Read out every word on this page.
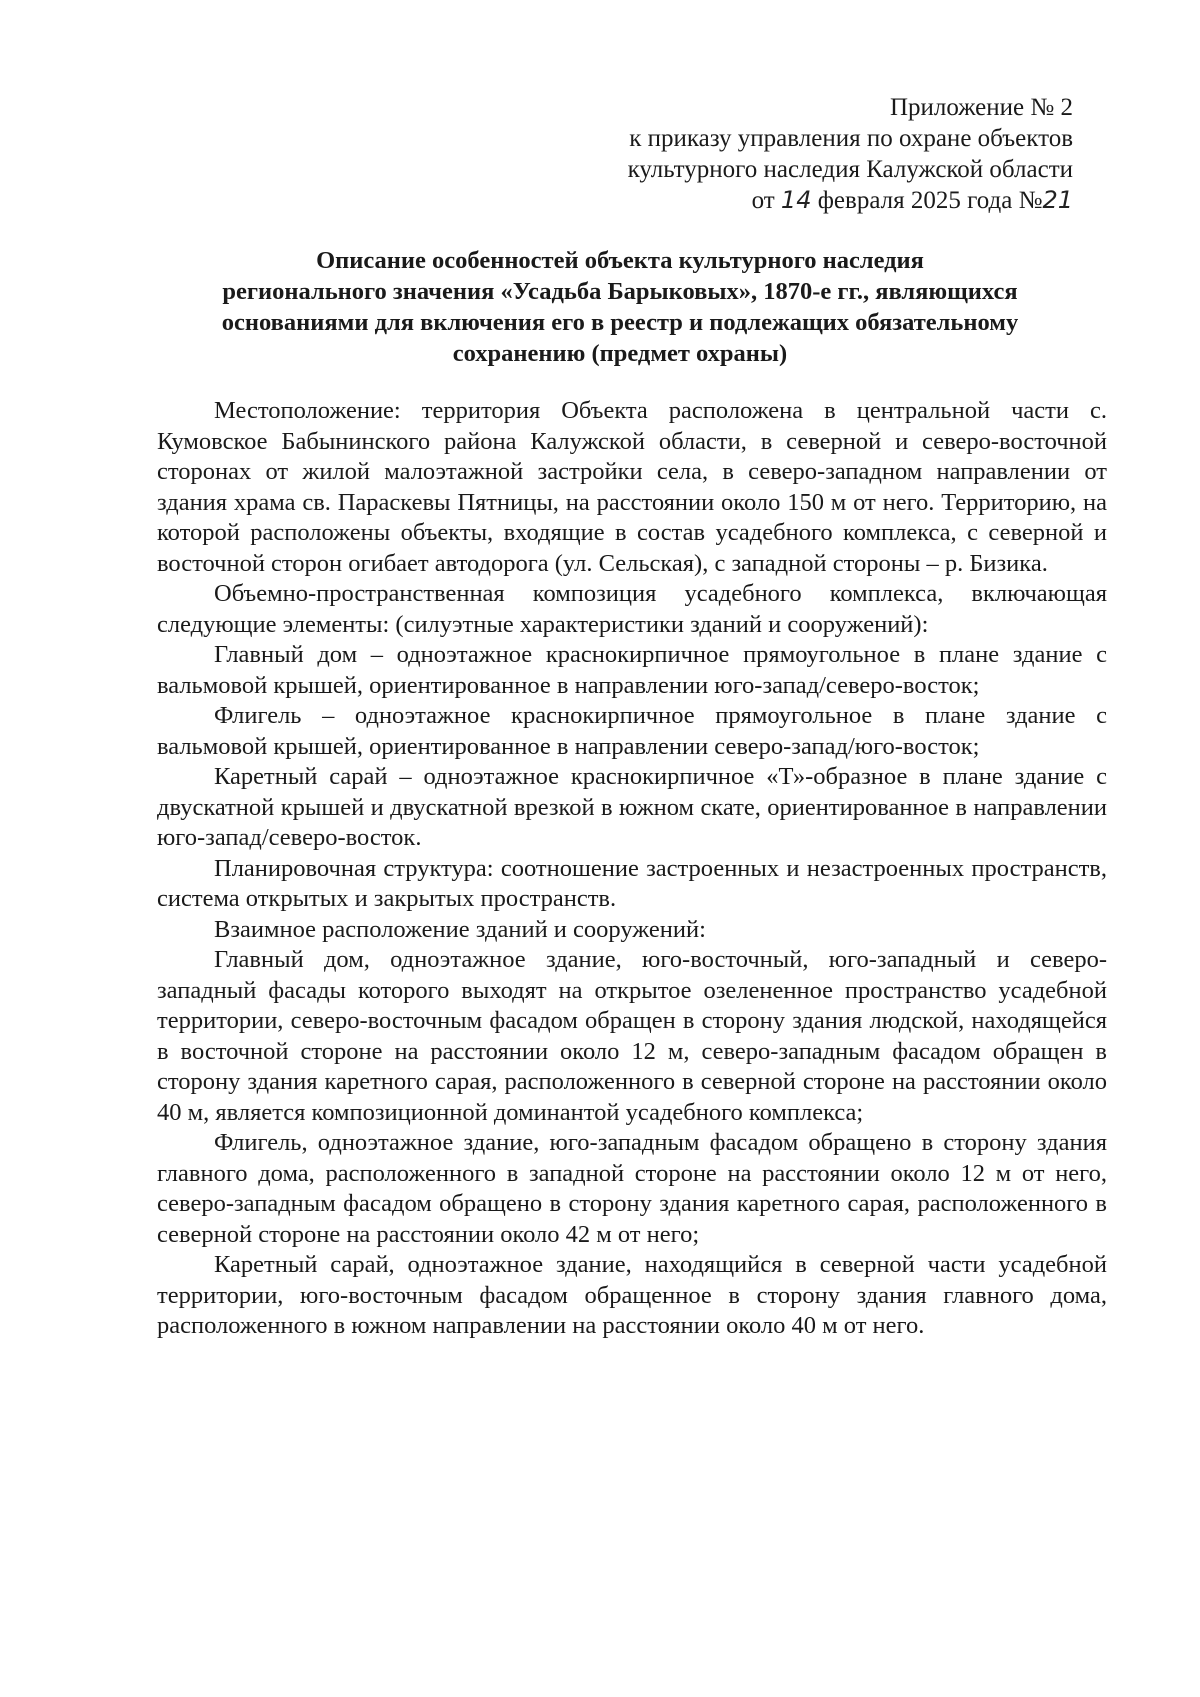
Приложение № 2
к приказу управления по охране объектов
культурного наследия Калужской области
от 14 февраля 2025 года №21
Описание особенностей объекта культурного наследия
регионального значения «Усадьба Барыковых», 1870-е гг., являющихся
основаниями для включения его в реестр и подлежащих обязательному
сохранению (предмет охраны)

Местоположение: территория Объекта расположена в центральной части с. Кумовское Бабынинского района Калужской области, в северной и северо-восточной сторонах от жилой малоэтажной застройки села, в северо-западном направлении от здания храма св. Параскевы Пятницы, на расстоянии около 150 м от него. Территорию, на которой расположены объекты, входящие в состав усадебного комплекса, с северной и восточной сторон огибает автодорога (ул. Сельская), с западной стороны – р. Бизика.

Объемно-пространственная композиция усадебного комплекса, включающая следующие элементы: (силуэтные характеристики зданий и сооружений):

Главный дом – одноэтажное краснокирпичное прямоугольное в плане здание с вальмовой крышей, ориентированное в направлении юго-запад/северо-восток;

Флигель – одноэтажное краснокирпичное прямоугольное в плане здание с вальмовой крышей, ориентированное в направлении северо-запад/юго-восток;

Каретный сарай – одноэтажное краснокирпичное «Т»-образное в плане здание с двускатной крышей и двускатной врезкой в южном скате, ориентированное в направлении юго-запад/северо-восток.

Планировочная структура: соотношение застроенных и незастроенных пространств, система открытых и закрытых пространств.

Взаимное расположение зданий и сооружений:

Главный дом, одноэтажное здание, юго-восточный, юго-западный и северо-западный фасады которого выходят на открытое озелененное пространство усадебной территории, северо-восточным фасадом обращен в сторону здания людской, находящейся в восточной стороне на расстоянии около 12 м, северо-западным фасадом обращен в сторону здания каретного сарая, расположенного в северной стороне на расстоянии около 40 м, является композиционной доминантой усадебного комплекса;

Флигель, одноэтажное здание, юго-западным фасадом обращено в сторону здания главного дома, расположенного в западной стороне на расстоянии около 12 м от него, северо-западным фасадом обращено в сторону здания каретного сарая, расположенного в северной стороне на расстоянии около 42 м от него;

Каретный сарай, одноэтажное здание, находящийся в северной части усадебной территории, юго-восточным фасадом обращенное в сторону здания главного дома, расположенного в южном направлении на расстоянии около 40 м от него.
